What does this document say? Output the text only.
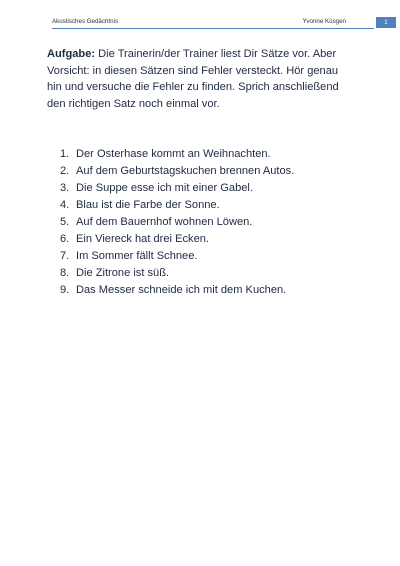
Akustisches Gedächtnis	Yvonne Küsgen	1
Aufgabe: Die Trainerin/der Trainer liest Dir Sätze vor. Aber Vorsicht: in diesen Sätzen sind Fehler versteckt. Hör genau hin und versuche die Fehler zu finden. Sprich anschließend den richtigen Satz noch einmal vor.
1. Der Osterhase kommt an Weihnachten.
2. Auf dem Geburtstagskuchen brennen Autos.
3. Die Suppe esse ich mit einer Gabel.
4. Blau ist die Farbe der Sonne.
5. Auf dem Bauernhof wohnen Löwen.
6. Ein Viereck hat drei Ecken.
7. Im Sommer fällt Schnee.
8. Die Zitrone ist süß.
9. Das Messer schneide ich mit dem Kuchen.
